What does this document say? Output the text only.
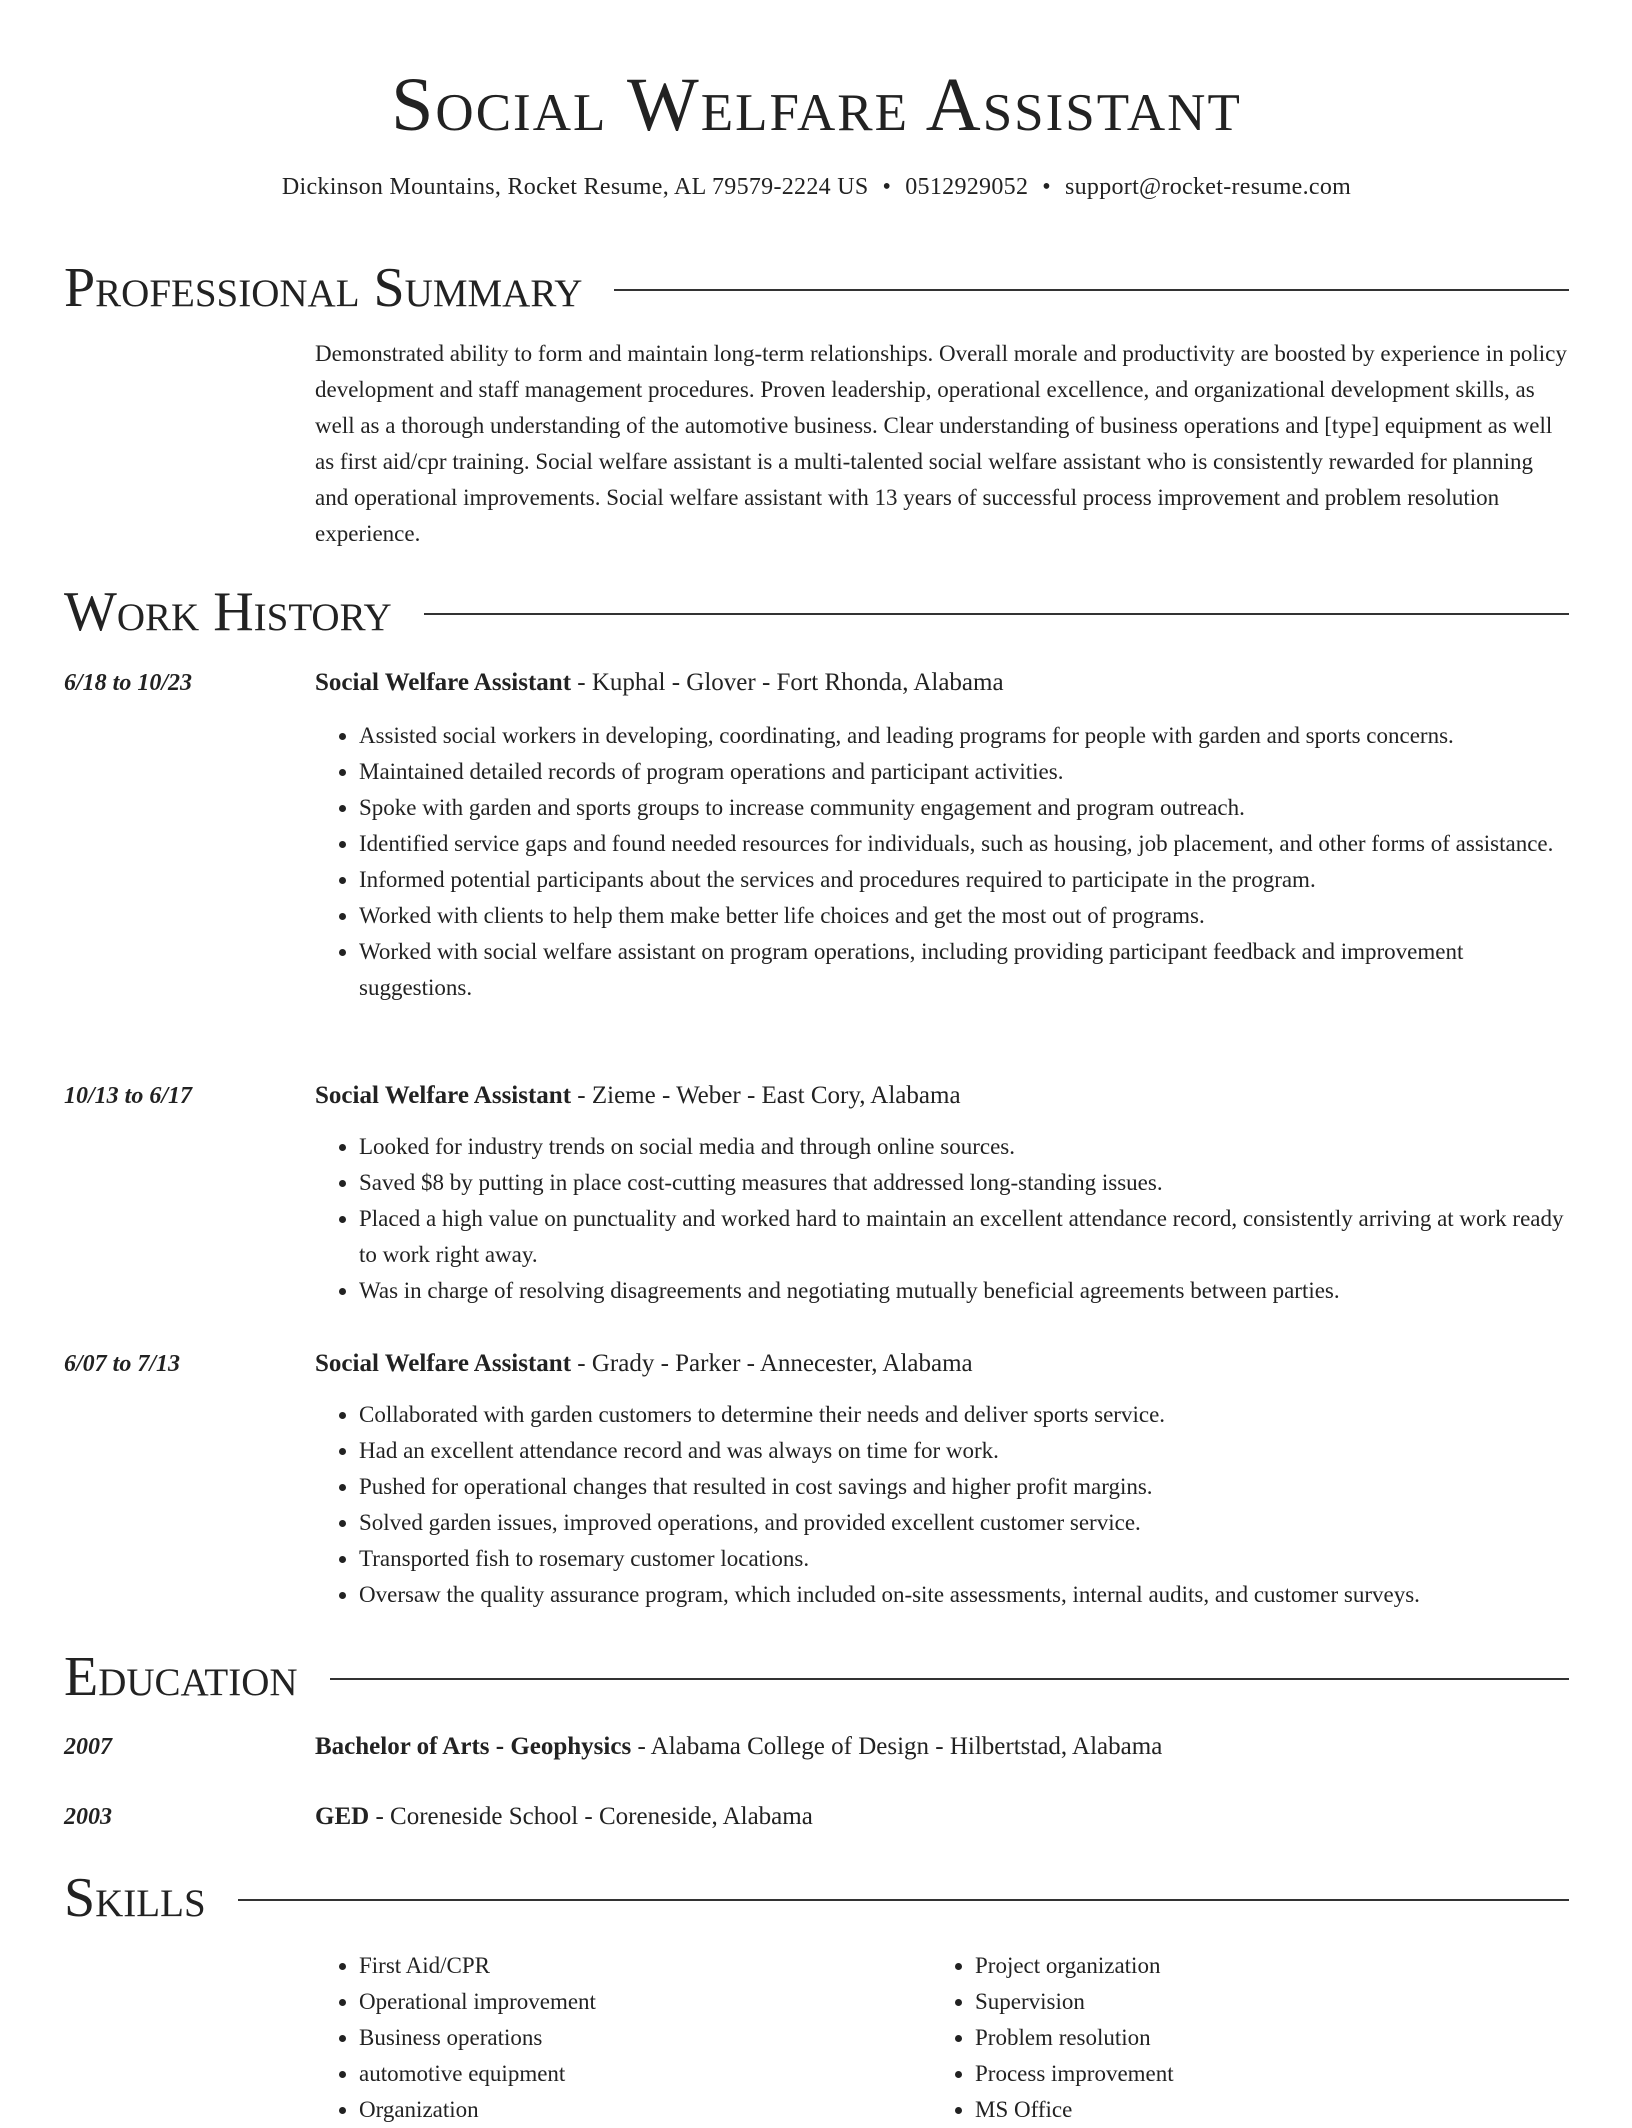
Social Welfare Assistant
Dickinson Mountains, Rocket Resume, AL 79579-2224 US • 0512929052 • support@rocket-resume.com
Professional Summary
Demonstrated ability to form and maintain long-term relationships. Overall morale and productivity are boosted by experience in policy development and staff management procedures. Proven leadership, operational excellence, and organizational development skills, as well as a thorough understanding of the automotive business. Clear understanding of business operations and [type] equipment as well as first aid/cpr training. Social welfare assistant is a multi-talented social welfare assistant who is consistently rewarded for planning and operational improvements. Social welfare assistant with 13 years of successful process improvement and problem resolution experience.
Work History
6/18 to 10/23	Social Welfare Assistant - Kuphal - Glover - Fort Rhonda, Alabama
• Assisted social workers in developing, coordinating, and leading programs for people with garden and sports concerns.
• Maintained detailed records of program operations and participant activities.
• Spoke with garden and sports groups to increase community engagement and program outreach.
• Identified service gaps and found needed resources for individuals, such as housing, job placement, and other forms of assistance.
• Informed potential participants about the services and procedures required to participate in the program.
• Worked with clients to help them make better life choices and get the most out of programs.
• Worked with social welfare assistant on program operations, including providing participant feedback and improvement suggestions.
10/13 to 6/17	Social Welfare Assistant - Zieme - Weber - East Cory, Alabama
• Looked for industry trends on social media and through online sources.
• Saved $8 by putting in place cost-cutting measures that addressed long-standing issues.
• Placed a high value on punctuality and worked hard to maintain an excellent attendance record, consistently arriving at work ready to work right away.
• Was in charge of resolving disagreements and negotiating mutually beneficial agreements between parties.
6/07 to 7/13	Social Welfare Assistant - Grady - Parker - Annecester, Alabama
• Collaborated with garden customers to determine their needs and deliver sports service.
• Had an excellent attendance record and was always on time for work.
• Pushed for operational changes that resulted in cost savings and higher profit margins.
• Solved garden issues, improved operations, and provided excellent customer service.
• Transported fish to rosemary customer locations.
• Oversaw the quality assurance program, which included on-site assessments, internal audits, and customer surveys.
Education
2007	Bachelor of Arts - Geophysics - Alabama College of Design - Hilbertstad, Alabama
2003	GED - Coreneside School - Coreneside, Alabama
Skills
• First Aid/CPR
• Operational improvement
• Business operations
• automotive equipment
• Organization
• Project organization
• Supervision
• Problem resolution
• Process improvement
• MS Office
